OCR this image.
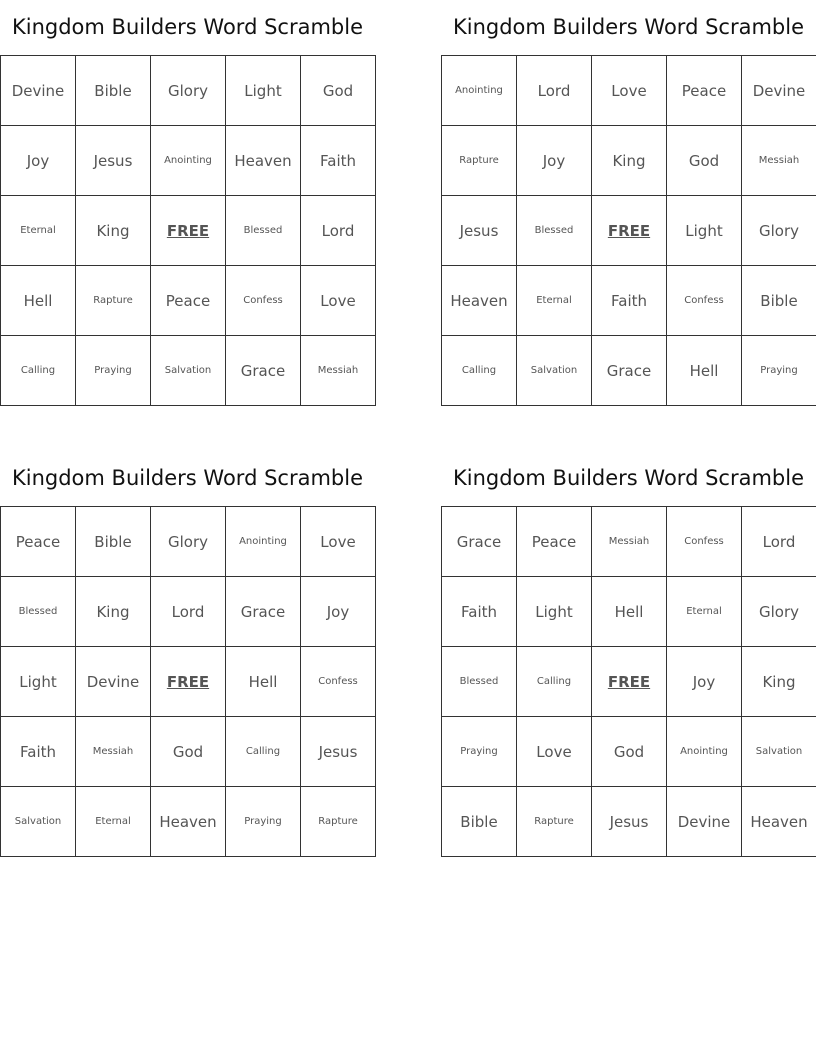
Kingdom Builders Word Scramble
Devine	Bible	Glory	Light	God
Joy	Jesus	Anointing	Heaven	Faith
Eternal	King	FREE	Blessed	Lord
Hell	Rapture	Peace	Confess	Love
Calling	Praying	Salvation	Grace	Messiah
Kingdom Builders Word Scramble
Anointing	Lord	Love	Peace	Devine
Rapture	Joy	King	God	Messiah
Jesus	Blessed	FREE	Light	Glory
Heaven	Eternal	Faith	Confess	Bible
Calling	Salvation	Grace	Hell	Praying
Kingdom Builders Word Scramble
Peace	Bible	Glory	Anointing	Love
Blessed	King	Lord	Grace	Joy
Light	Devine	FREE	Hell	Confess
Faith	Messiah	God	Calling	Jesus
Salvation	Eternal	Heaven	Praying	Rapture
Kingdom Builders Word Scramble
Grace	Peace	Messiah	Confess	Lord
Faith	Light	Hell	Eternal	Glory
Blessed	Calling	FREE	Joy	King
Praying	Love	God	Anointing	Salvation
Bible	Rapture	Jesus	Devine	Heaven
